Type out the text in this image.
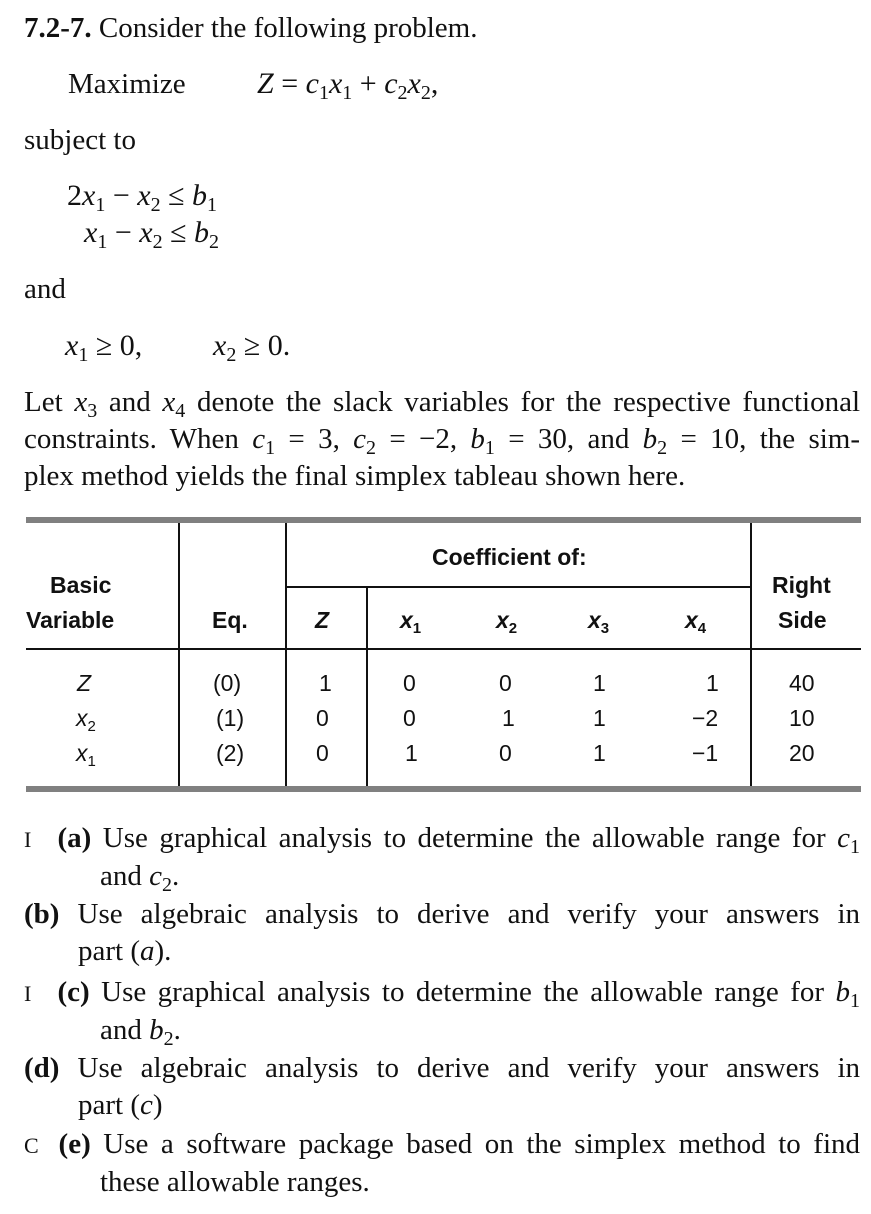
7.2-7. Consider the following problem.
Maximize $Z = c_1x_1 + c_2x_2$,
subject to
$2x_1 - x_2 \le b_1$
$x_1 - x_2 \le b_2$
and
$x_1 \ge 0$, $x_2 \ge 0$.
Let $x_3$ and $x_4$ denote the slack variables for the respective functional
constraints. When $c_1 = 3$, $c_2 = -2$, $b_1 = 30$, and $b_2 = 10$, the sim-
plex method yields the final simplex tableau shown here.
Coefficient of:
Basic
Variable	Eq.	Z	$x_1$	$x_2$	$x_3$	$x_4$
Right
Side
Z	(0)	1	0	0	1	1	40
$x_2$	(1)	0	0	1	1	−2	10
$x_1$	(2)	0	1	0	1	−1	20
I (a) Use graphical analysis to determine the allowable range for $c_1$
and $c_2$.
(b) Use algebraic analysis to derive and verify your answers in
part (a).
I (c) Use graphical analysis to determine the allowable range for $b_1$
and $b_2$.
(d) Use algebraic analysis to derive and verify your answers in
part (c)
C (e) Use a software package based on the simplex method to find
these allowable ranges.
